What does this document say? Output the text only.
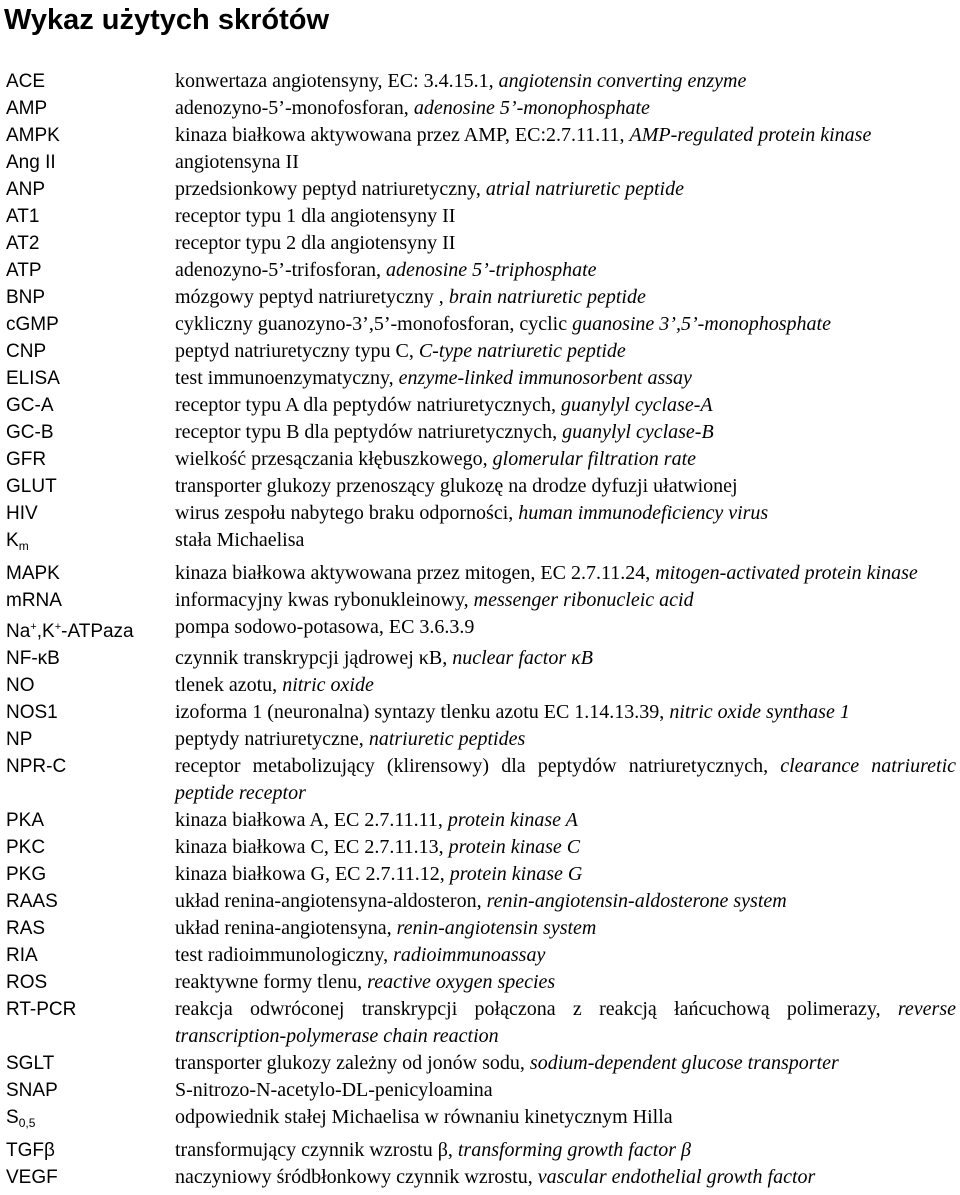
Wykaz użytych skrótów
ACE	konwertaza angiotensyny, EC: 3.4.15.1, angiotensin converting enzyme
AMP	adenozyno-5’-monofosforan, adenosine 5’-monophosphate
AMPK	kinaza białkowa aktywowana przez AMP, EC:2.7.11.11, AMP-regulated protein kinase
Ang II	angiotensyna II
ANP	przedsionkowy peptyd natriuretyczny, atrial natriuretic peptide
AT1	receptor typu 1 dla angiotensyny II
AT2	receptor typu 2 dla angiotensyny II
ATP	adenozyno-5’-trifosforan, adenosine 5’-triphosphate
BNP	mózgowy peptyd natriuretyczny , brain natriuretic peptide
cGMP	cykliczny guanozyno-3’,5’-monofosforan, cyclic guanosine 3’,5’-monophosphate
CNP	peptyd natriuretyczny typu C, C-type natriuretic peptide
ELISA	test immunoenzymatyczny, enzyme-linked immunosorbent assay
GC-A	receptor typu A dla peptydów natriuretycznych, guanylyl cyclase-A
GC-B	receptor typu B dla peptydów natriuretycznych, guanylyl cyclase-B
GFR	wielkość przesączania kłębuszkowego, glomerular filtration rate
GLUT	transporter glukozy przenoszący glukozę na drodze dyfuzji ułatwionej
HIV	wirus zespołu nabytego braku odporności, human immunodeficiency virus
$K_m$	stała Michaelisa
MAPK	kinaza białkowa aktywowana przez mitogen, EC 2.7.11.24, mitogen-activated protein kinase
mRNA	informacyjny kwas rybonukleinowy, messenger ribonucleic acid
Na+,K+-ATPaza	pompa sodowo-potasowa, EC 3.6.3.9
NF-κB	czynnik transkrypcji jądrowej κB, nuclear factor κB
NO	tlenek azotu, nitric oxide
NOS1	izoforma 1 (neuronalna) syntazy tlenku azotu EC 1.14.13.39, nitric oxide synthase 1
NP	peptydy natriuretyczne, natriuretic peptides
NPR-C	receptor metabolizujący (klirensowy) dla peptydów natriuretycznych, clearance natriuretic peptide receptor
PKA	kinaza białkowa A, EC 2.7.11.11, protein kinase A
PKC	kinaza białkowa C, EC 2.7.11.13, protein kinase C
PKG	kinaza białkowa G, EC 2.7.11.12, protein kinase G
RAAS	układ renina-angiotensyna-aldosteron, renin-angiotensin-aldosterone system
RAS	układ renina-angiotensyna, renin-angiotensin system
RIA	test radioimmunologiczny, radioimmunoassay
ROS	reaktywne formy tlenu, reactive oxygen species
RT-PCR	reakcja odwróconej transkrypcji połączona z reakcją łańcuchową polimerazy, reverse transcription-polymerase chain reaction
SGLT	transporter glukozy zależny od jonów sodu, sodium-dependent glucose transporter
SNAP	S-nitrozo-N-acetylo-DL-penicyloamina
$S_{0,5}$	odpowiednik stałej Michaelisa w równaniu kinetycznym Hilla
TGFβ	transformujący czynnik wzrostu β, transforming growth factor β
VEGF	naczyniowy śródbłonkowy czynnik wzrostu, vascular endothelial growth factor
